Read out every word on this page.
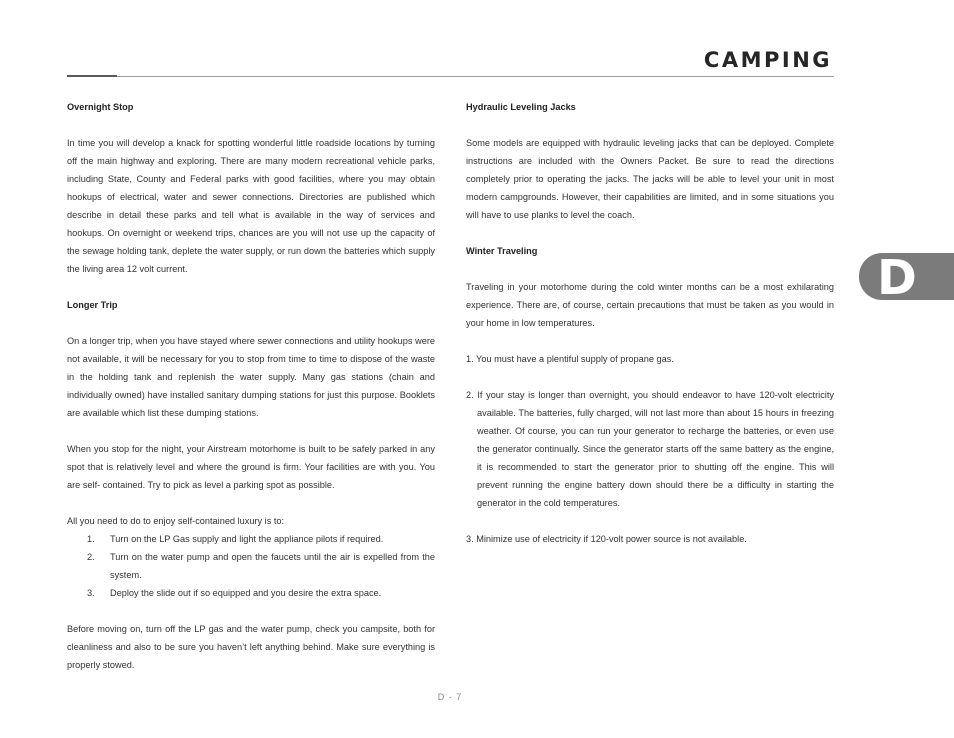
CAMPING
Overnight Stop

In time you will develop a knack for spotting wonderful little roadside locations by turning off the main highway and exploring. There are many modern recreational vehicle parks, including State, County and Federal parks with good facilities, where you may obtain hookups of electrical, water and sewer connections. Directories are published which describe in detail these parks and tell what is available in the way of services and hookups. On overnight or weekend trips, chances are you will not use up the capacity of the sewage holding tank, deplete the water supply, or run down the batteries which supply the living area 12 volt current.

Longer Trip

On a longer trip, when you have stayed where sewer connections and utility hookups were not available, it will be necessary for you to stop from time to time to dispose of the waste in the holding tank and replenish the water supply. Many gas stations (chain and individually owned) have installed sanitary dumping stations for just this purpose. Booklets are available which list these dumping stations.

When you stop for the night, your Airstream motorhome is built to be safely parked in any spot that is relatively level and where the ground is firm. Your facilities are with you. You are self- contained. Try to pick as level a parking spot as possible.

All you need to do to enjoy self-contained luxury is to:
1. Turn on the LP Gas supply and light the appliance pilots if required.
2. Turn on the water pump and open the faucets until the air is expelled from the system.
3. Deploy the slide out if so equipped and you desire the extra space.

Before moving on, turn off the LP gas and the water pump, check you campsite, both for cleanliness and also to be sure you haven’t left anything behind. Make sure everything is properly stowed.

Hydraulic Leveling Jacks

Some models are equipped with hydraulic leveling jacks that can be deployed. Complete instructions are included with the Owners Packet. Be sure to read the directions completely prior to operating the jacks. The jacks will be able to level your unit in most modern campgrounds. However, their capabilities are limited, and in some situations you will have to use planks to level the coach.

Winter Traveling

Traveling in your motorhome during the cold winter months can be a most exhilarating experience. There are, of course, certain precautions that must be taken as you would in your home in low temperatures.

1. You must have a plentiful supply of propane gas.

2. If your stay is longer than overnight, you should endeavor to have 120-volt electricity available. The batteries, fully charged, will not last more than about 15 hours in freezing weather. Of course, you can run your generator to recharge the batteries, or even use the generator continually. Since the generator starts off the same battery as the engine, it is recommended to start the generator prior to shutting off the engine. This will prevent running the engine battery down should there be a difficulty in starting the generator in the cold temperatures.

3. Minimize use of electricity if 120-volt power source is not available.

D
D - 7
